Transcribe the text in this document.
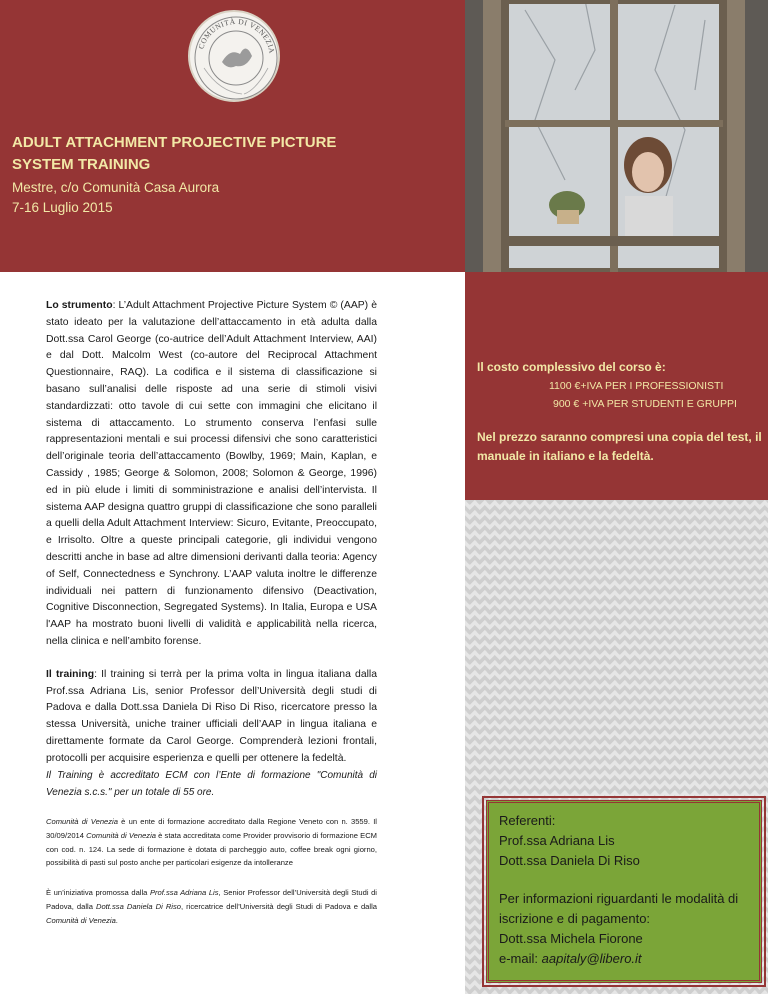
COMUNITÀ DI VENEZIA
ADULT ATTACHMENT PROJECTIVE PICTURE
SYSTEM TRAINING
Mestre, c/o Comunità Casa Aurora
7-16 Luglio 2015

Lo strumento: L’Adult Attachment Projective Picture System © (AAP) è stato ideato per la valutazione dell’attaccamento in età adulta dalla Dott.ssa Carol George (co-autrice dell’Adult Attachment Interview, AAI) e dal Dott. Malcolm West (co-autore del Reciprocal Attachment Questionnaire, RAQ). La codifica e il sistema di classificazione si basano sull’analisi delle risposte ad una serie di stimoli visivi standardizzati: otto tavole di cui sette con immagini che elicitano il sistema di attaccamento. Lo strumento conserva l’enfasi sulle rappresentazioni mentali e sui processi difensivi che sono caratteristici dell’originale teoria dell’attaccamento (Bowlby, 1969; Main, Kaplan, e Cassidy , 1985; George & Solomon, 2008; Solomon & George, 1996) ed in più elude i limiti di somministrazione e analisi dell’intervista. Il sistema AAP designa quattro gruppi di classificazione che sono paralleli a quelli della Adult Attachment Interview: Sicuro, Evitante, Preoccupato, e Irrisolto. Oltre a queste principali categorie, gli individui vengono descritti anche in base ad altre dimensioni derivanti dalla teoria: Agency of Self, Connectedness e Synchrony. L’AAP valuta inoltre le differenze individuali nei pattern di funzionamento difensivo (Deactivation, Cognitive Disconnection, Segregated Systems). In Italia, Europa e USA l'AAP ha mostrato buoni livelli di validità e applicabilità nella ricerca, nella clinica e nell’ambito forense.

Il training: Il training si terrà per la prima volta in lingua italiana dalla Prof.ssa Adriana Lis, senior Professor dell’Università degli studi di Padova e dalla Dott.ssa Daniela Di Riso Di Riso, ricercatore presso la stessa Università, uniche trainer ufficiali dell’AAP in lingua italiana e direttamente formate da Carol George. Comprenderà lezioni frontali, protocolli per acquisire esperienza e quelli per ottenere la fedeltà.

Il Training è accreditato ECM con l’Ente di formazione "Comunità di Venezia s.c.s." per un totale di 55 ore.
Comunità di Venezia è un ente di formazione accreditato dalla Regione Veneto con n. 3559. Il 30/09/2014 Comunità di Venezia è stata accreditata come Provider provvisorio di formazione ECM con cod. n. 124. La sede di formazione è dotata di parcheggio auto, coffee break ogni giorno, possibilità di pasti sul posto anche per particolari esigenze da intolleranze
È un’iniziativa promossa dalla Prof.ssa Adriana Lis, Senior Professor dell’Università degli Studi di Padova, dalla Dott.ssa Daniela Di Riso, ricercatrice dell’Università degli Studi di Padova e dalla Comunità di Venezia.
Il costo complessivo del corso è:
1100 €+IVA PER I PROFESSIONISTI
900 € +IVA PER STUDENTI E GRUPPI
Nel prezzo saranno compresi una copia del test, il manuale in italiano e la fedeltà.

Referenti:

Prof.ssa Adriana Lis

Dott.ssa Daniela Di Riso

Per informazioni riguardanti le modalità di iscrizione e di pagamento:

Dott.ssa Michela Fiorone

e-mail: aapitaly@libero.it
